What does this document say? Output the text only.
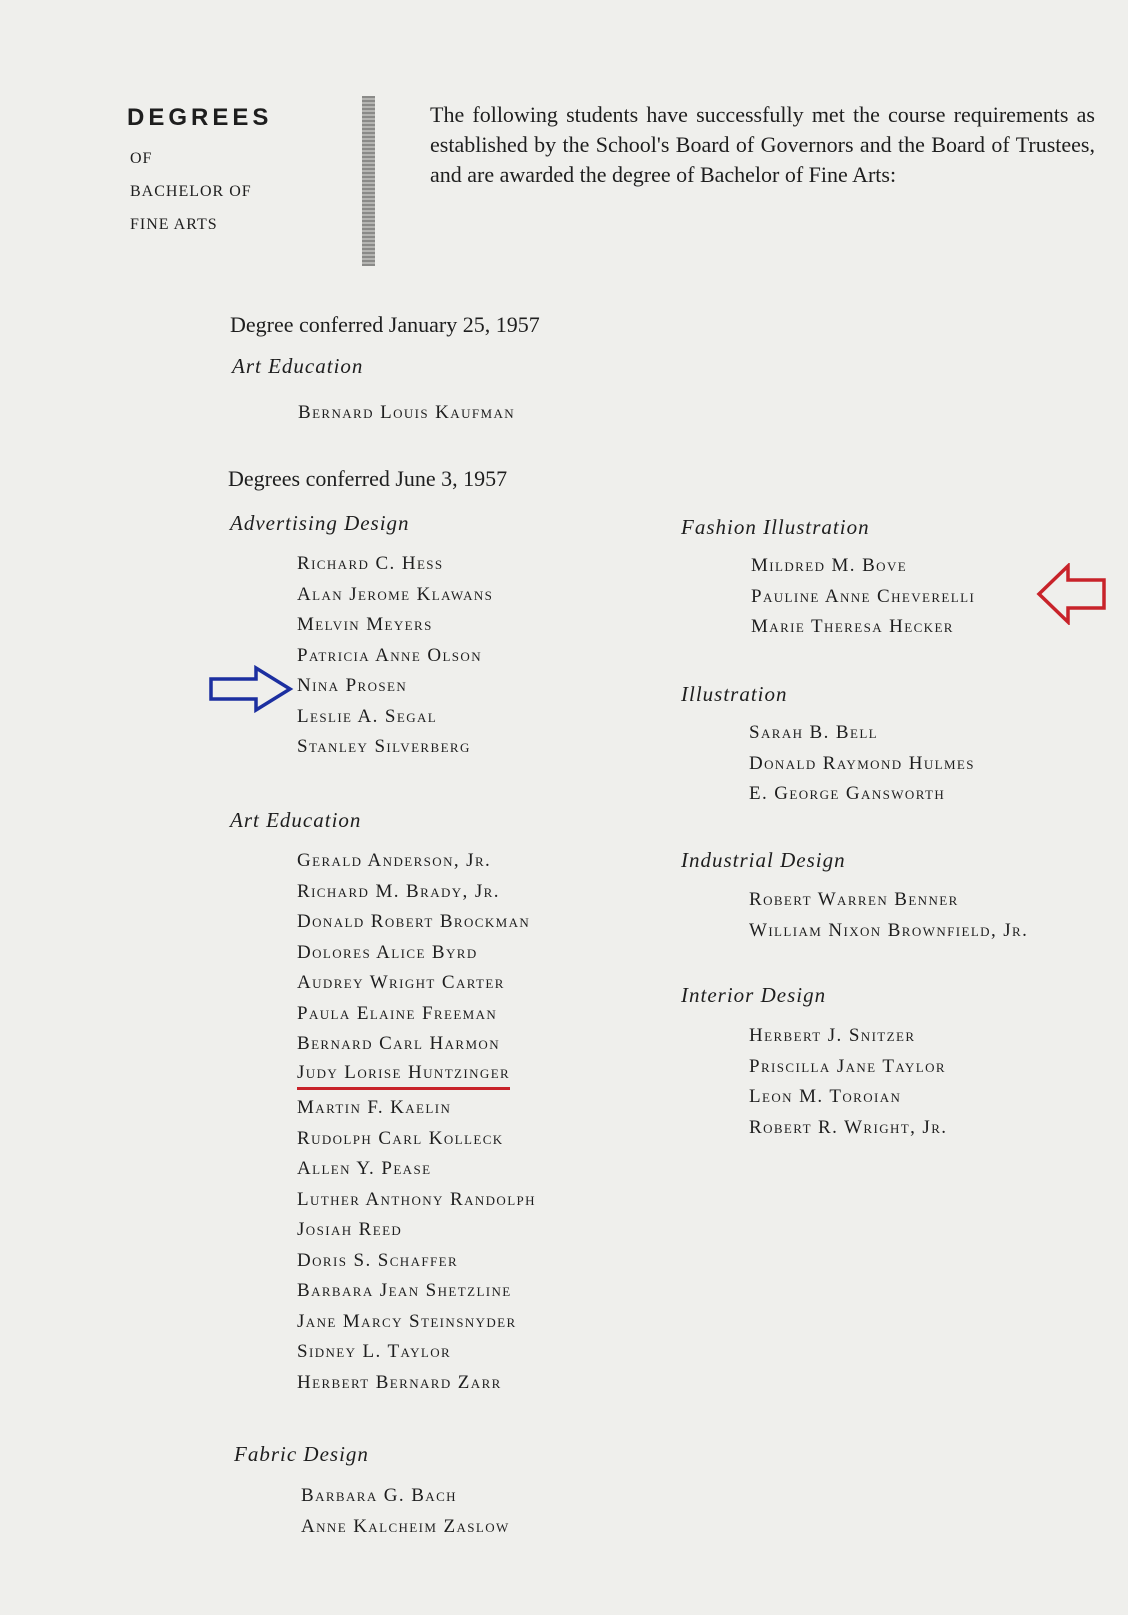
DEGREES
OF
BACHELOR OF
FINE ARTS
The following students have successfully met the course requirements as established by the School's Board of Governors and the Board of Trustees, and are awarded the degree of Bachelor of Fine Arts:
Degree conferred January 25, 1957
Art Education
Bernard Louis Kaufman
Degrees conferred June 3, 1957
Advertising Design
Richard C. Hess
Alan Jerome Klawans
Melvin Meyers
Patricia Anne Olson
Nina Prosen
Leslie A. Segal
Stanley Silverberg
Art Education
Gerald Anderson, Jr.
Richard M. Brady, Jr.
Donald Robert Brockman
Dolores Alice Byrd
Audrey Wright Carter
Paula Elaine Freeman
Bernard Carl Harmon
Judy Lorise Huntzinger
Martin F. Kaelin
Rudolph Carl Kolleck
Allen Y. Pease
Luther Anthony Randolph
Josiah Reed
Doris S. Schaffer
Barbara Jean Shetzline
Jane Marcy Steinsnyder
Sidney L. Taylor
Herbert Bernard Zarr
Fabric Design
Barbara G. Bach
Anne Kalcheim Zaslow
Fashion Illustration
Mildred M. Bove
Pauline Anne Cheverelli
Marie Theresa Hecker
Illustration
Sarah B. Bell
Donald Raymond Hulmes
E. George Gansworth
Industrial Design
Robert Warren Benner
William Nixon Brownfield, Jr.
Interior Design
Herbert J. Snitzer
Priscilla Jane Taylor
Leon M. Toroian
Robert R. Wright, Jr.
